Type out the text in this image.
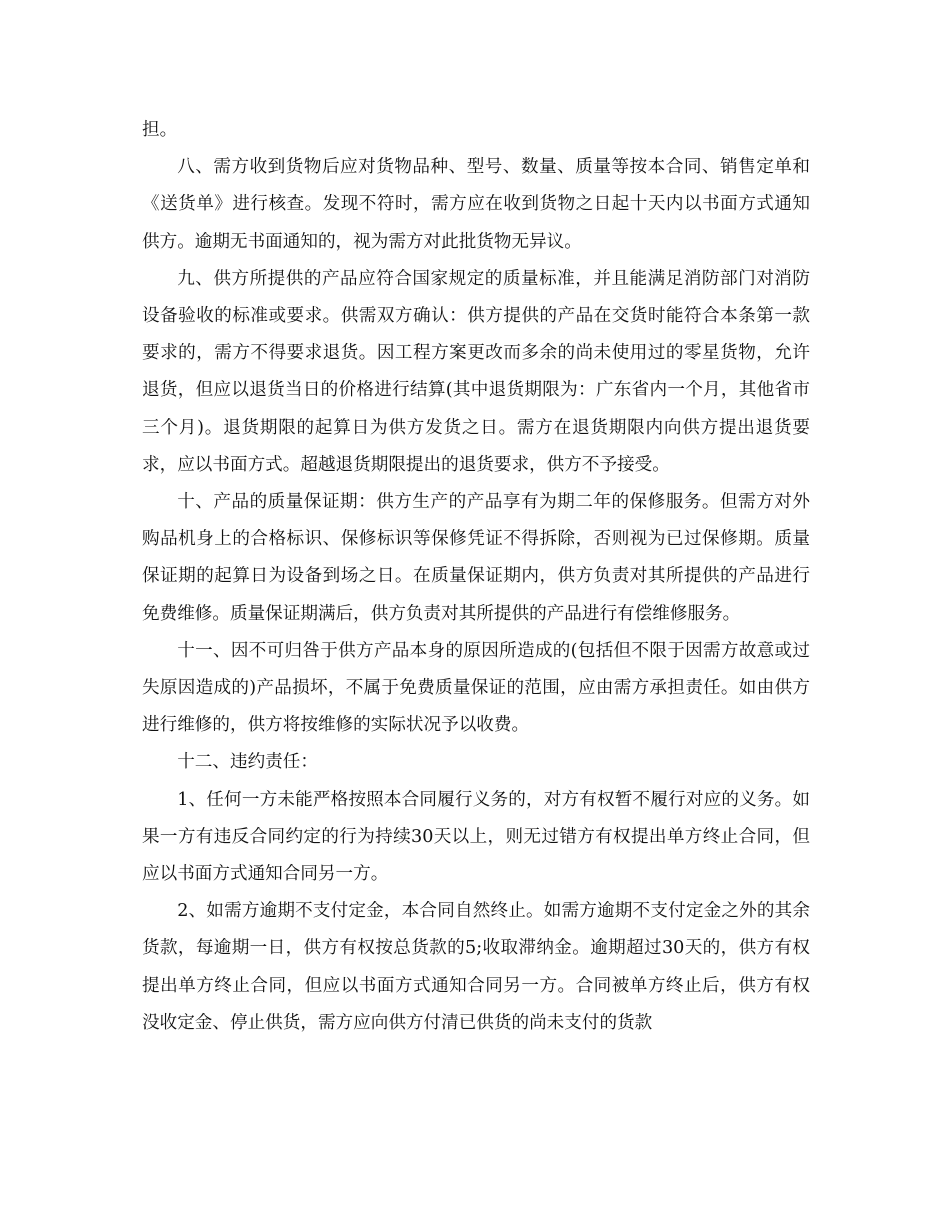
担。

八、需方收到货物后应对货物品种、型号、数量、质量等按本合同、销售定单和《送货单》进行核查。发现不符时，需方应在收到货物之日起十天内以书面方式通知供方。逾期无书面通知的，视为需方对此批货物无异议。

九、供方所提供的产品应符合国家规定的质量标准，并且能满足消防部门对消防设备验收的标准或要求。供需双方确认：供方提供的产品在交货时能符合本条第一款要求的，需方不得要求退货。因工程方案更改而多余的尚未使用过的零星货物，允许退货，但应以退货当日的价格进行结算(其中退货期限为：广东省内一个月，其他省市三个月)。退货期限的起算日为供方发货之日。需方在退货期限内向供方提出退货要求，应以书面方式。超越退货期限提出的退货要求，供方不予接受。

十、产品的质量保证期：供方生产的产品享有为期二年的保修服务。但需方对外购品机身上的合格标识、保修标识等保修凭证不得拆除，否则视为已过保修期。质量保证期的起算日为设备到场之日。在质量保证期内，供方负责对其所提供的产品进行免费维修。质量保证期满后，供方负责对其所提供的产品进行有偿维修服务。

十一、因不可归咎于供方产品本身的原因所造成的(包括但不限于因需方故意或过失原因造成的)产品损坏，不属于免费质量保证的范围，应由需方承担责任。如由供方进行维修的，供方将按维修的实际状况予以收费。

十二、违约责任：

1、任何一方未能严格按照本合同履行义务的，对方有权暂不履行对应的义务。如果一方有违反合同约定的行为持续30天以上，则无过错方有权提出单方终止合同，但应以书面方式通知合同另一方。

2、如需方逾期不支付定金，本合同自然终止。如需方逾期不支付定金之外的其余货款，每逾期一日，供方有权按总货款的5;收取滞纳金。逾期超过30天的，供方有权提出单方终止合同，但应以书面方式通知合同另一方。合同被单方终止后，供方有权没收定金、停止供货，需方应向供方付清已供货的尚未支付的货款
